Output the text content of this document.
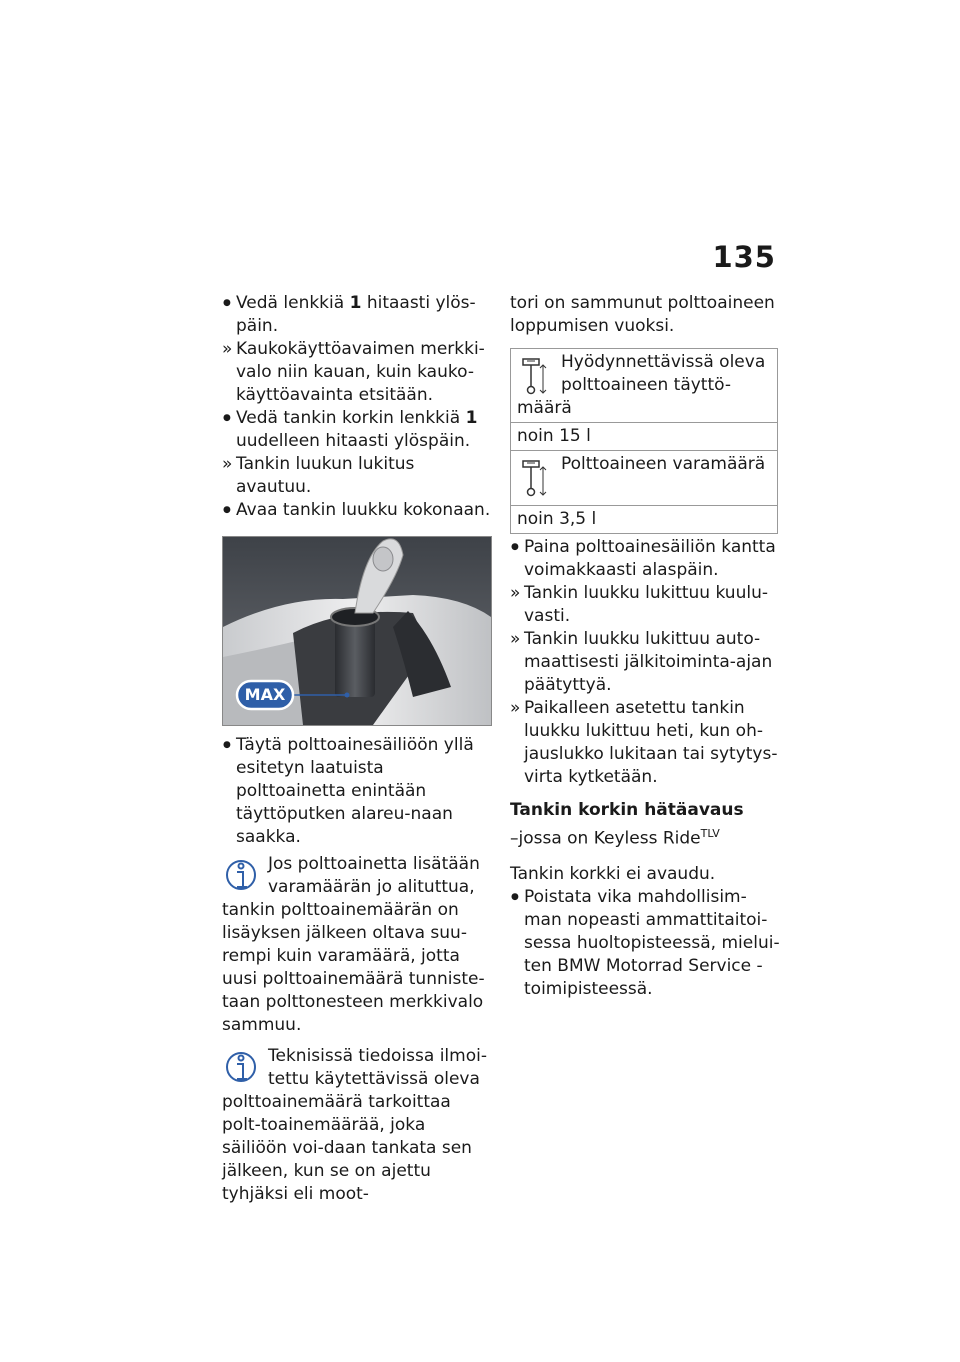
135

● Vedä lenkkiä 1 hitaasti ylös-päin.

» Kaukokäyttöavaimen merkki-valo niin kauan, kuin kauko-käyttöavainta etsitään.

● Vedä tankin korkin lenkkiä 1 uudelleen hitaasti ylöspäin.

» Tankin luukun lukitus avautuu.

● Avaa tankin luukku kokonaan.

MAX

● Täytä polttoainesäiliöön yllä esitetyn laatuista polttoainetta enintään täyttöputken alareu-naan saakka.

Jos polttoainetta lisätään varamäärän jo alituttua,

tankin polttoainemäärän on lisäyksen jälkeen oltava suu-rempi kuin varamäärä, jotta uusi polttoainemäärä tunniste-taan polttonesteen merkkivalo sammuu.

Teknisissä tiedoissa ilmoi-tettu käytettävissä oleva

polttoainemäärä tarkoittaa polt-toainemäärää, joka säiliöön voi-daan tankata sen jälkeen, kun se on ajettu tyhjäksi eli moot-

tori on sammunut polttoaineen loppumisen vuoksi.

Hyödynnettävissä oleva polttoaineen täyttö-
määrä

noin 15 l

Polttoaineen varamäärä

noin 3,5 l

● Paina polttoainesäiliön kantta voimakkaasti alaspäin.

» Tankin luukku lukittuu kuulu-vasti.

» Tankin luukku lukittuu auto-maattisesti jälkitoiminta-ajan päätyttyä.

» Paikalleen asetettu tankin luukku lukittuu heti, kun oh-jauslukko lukitaan tai sytytys-virta kytketään.

Tankin korkin hätäavaus
–jossa on Keyless Ride$^{TLV}$

Tankin korkki ei avaudu.

● Poistata vika mahdollisim-man nopeasti ammattitaitoi-sessa huoltopisteessä, mielui-ten BMW Motorrad Service -toimipisteessä.
